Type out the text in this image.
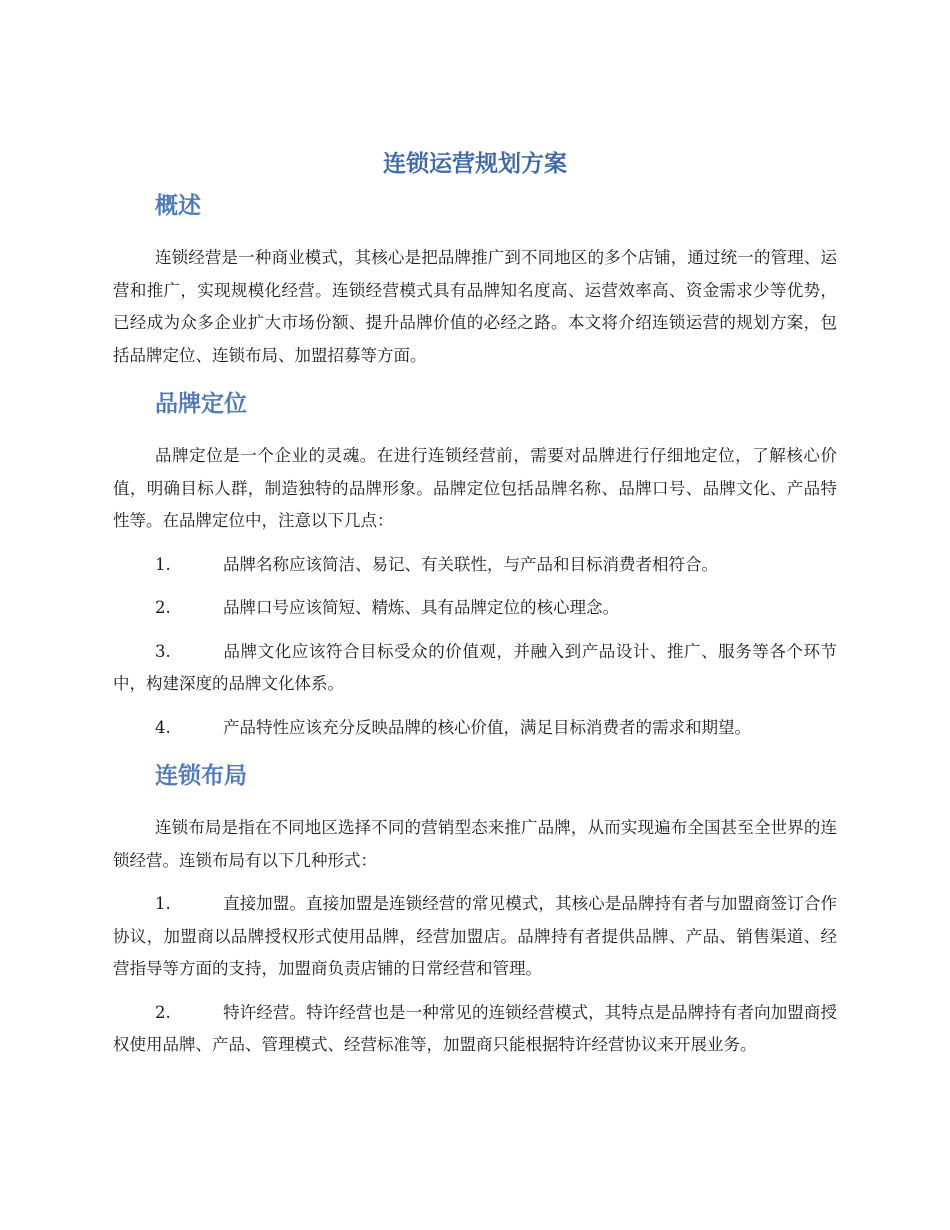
连锁运营规划方案
概述

连锁经营是一种商业模式，其核心是把品牌推广到不同地区的多个店铺，通过统一的管理、运营和推广，实现规模化经营。连锁经营模式具有品牌知名度高、运营效率高、资金需求少等优势，已经成为众多企业扩大市场份额、提升品牌价值的必经之路。本文将介绍连锁运营的规划方案，包括品牌定位、连锁布局、加盟招募等方面。

品牌定位

品牌定位是一个企业的灵魂。在进行连锁经营前，需要对品牌进行仔细地定位，了解核心价值，明确目标人群，制造独特的品牌形象。品牌定位包括品牌名称、品牌口号、品牌文化、产品特性等。在品牌定位中，注意以下几点：

1.	品牌名称应该简洁、易记、有关联性，与产品和目标消费者相符合。
2.	品牌口号应该简短、精炼、具有品牌定位的核心理念。
3.	品牌文化应该符合目标受众的价值观，并融入到产品设计、推广、服务等各个环节中，构建深度的品牌文化体系。
4.	产品特性应该充分反映品牌的核心价值，满足目标消费者的需求和期望。
连锁布局

连锁布局是指在不同地区选择不同的营销型态来推广品牌，从而实现遍布全国甚至全世界的连锁经营。连锁布局有以下几种形式：

1.	直接加盟。直接加盟是连锁经营的常见模式，其核心是品牌持有者与加盟商签订合作协议，加盟商以品牌授权形式使用品牌，经营加盟店。品牌持有者提供品牌、产品、销售渠道、经营指导等方面的支持，加盟商负责店铺的日常经营和管理。
2.	特许经营。特许经营也是一种常见的连锁经营模式，其特点是品牌持有者向加盟商授权使用品牌、产品、管理模式、经营标准等，加盟商只能根据特许经营协议来开展业务。
